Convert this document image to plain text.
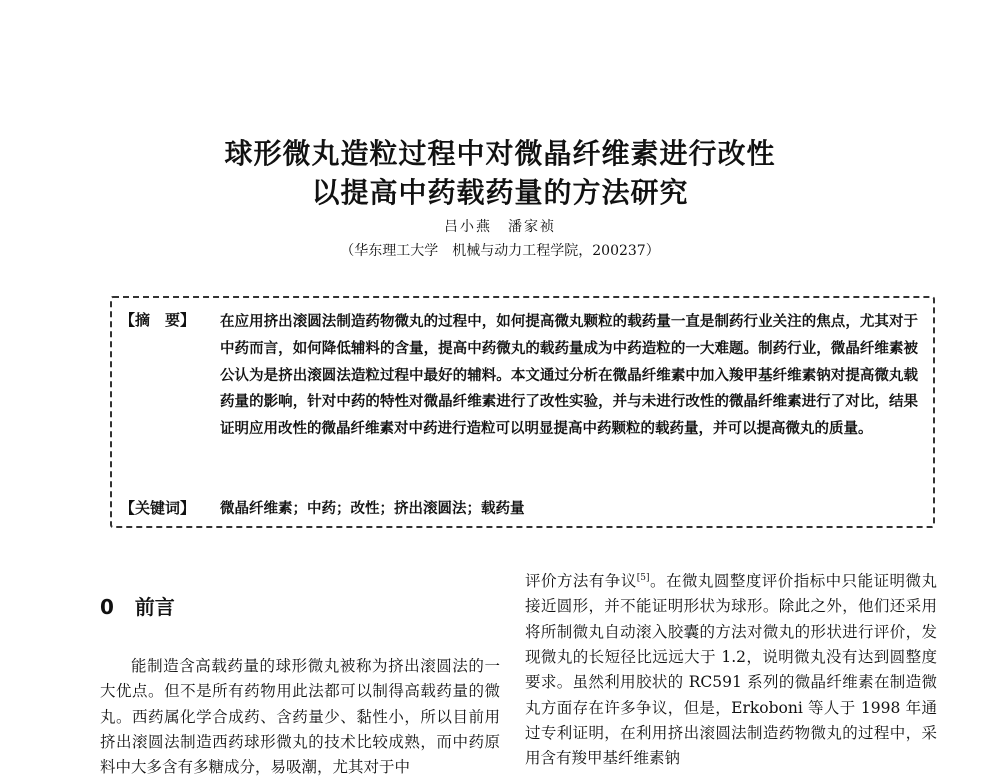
球形微丸造粒过程中对微晶纤维素进行改性
以提高中药载药量的方法研究
吕小燕　潘家祯
（华东理工大学　机械与动力工程学院，200237）
【摘　要】 在应用挤出滚圆法制造药物微丸的过程中，如何提高微丸颗粒的载药量一直是制药行业关注的焦点，尤其对于中药而言，如何降低辅料的含量，提高中药微丸的载药量成为中药造粒的一大难题。制药行业，微晶纤维素被公认为是挤出滚圆法造粒过程中最好的辅料。本文通过分析在微晶纤维素中加入羧甲基纤维素钠对提高微丸载药量的影响，针对中药的特性对微晶纤维素进行了改性实验，并与未进行改性的微晶纤维素进行了对比，结果证明应用改性的微晶纤维素对中药进行造粒可以明显提高中药颗粒的载药量，并可以提高微丸的质量。
【关键词】 微晶纤维素；中药；改性；挤出滚圆法；载药量
0 前言
能制造含高载药量的球形微丸被称为挤出滚圆法的一大优点。但不是所有药物用此法都可以制得高载药量的微丸。西药属化学合成药、含药量少、黏性小，所以目前用挤出滚圆法制造西药球形微丸的技术比较成熟，而中药原料中大多含有多糖成分，易吸潮，尤其对于中
评价方法有争议[5]。在微丸圆整度评价指标中只能证明微丸接近圆形，并不能证明形状为球形。除此之外，他们还采用将所制微丸自动滚入胶囊的方法对微丸的形状进行评价，发现微丸的长短径比远远大于 1.2，说明微丸没有达到圆整度要求。虽然利用胶状的 RC591 系列的微晶纤维素在制造微丸方面存在许多争议，但是，Erkoboni 等人于 1998 年通过专利证明，在利用挤出滚圆法制造药物微丸的过程中，采用含有羧甲基纤维素钠
